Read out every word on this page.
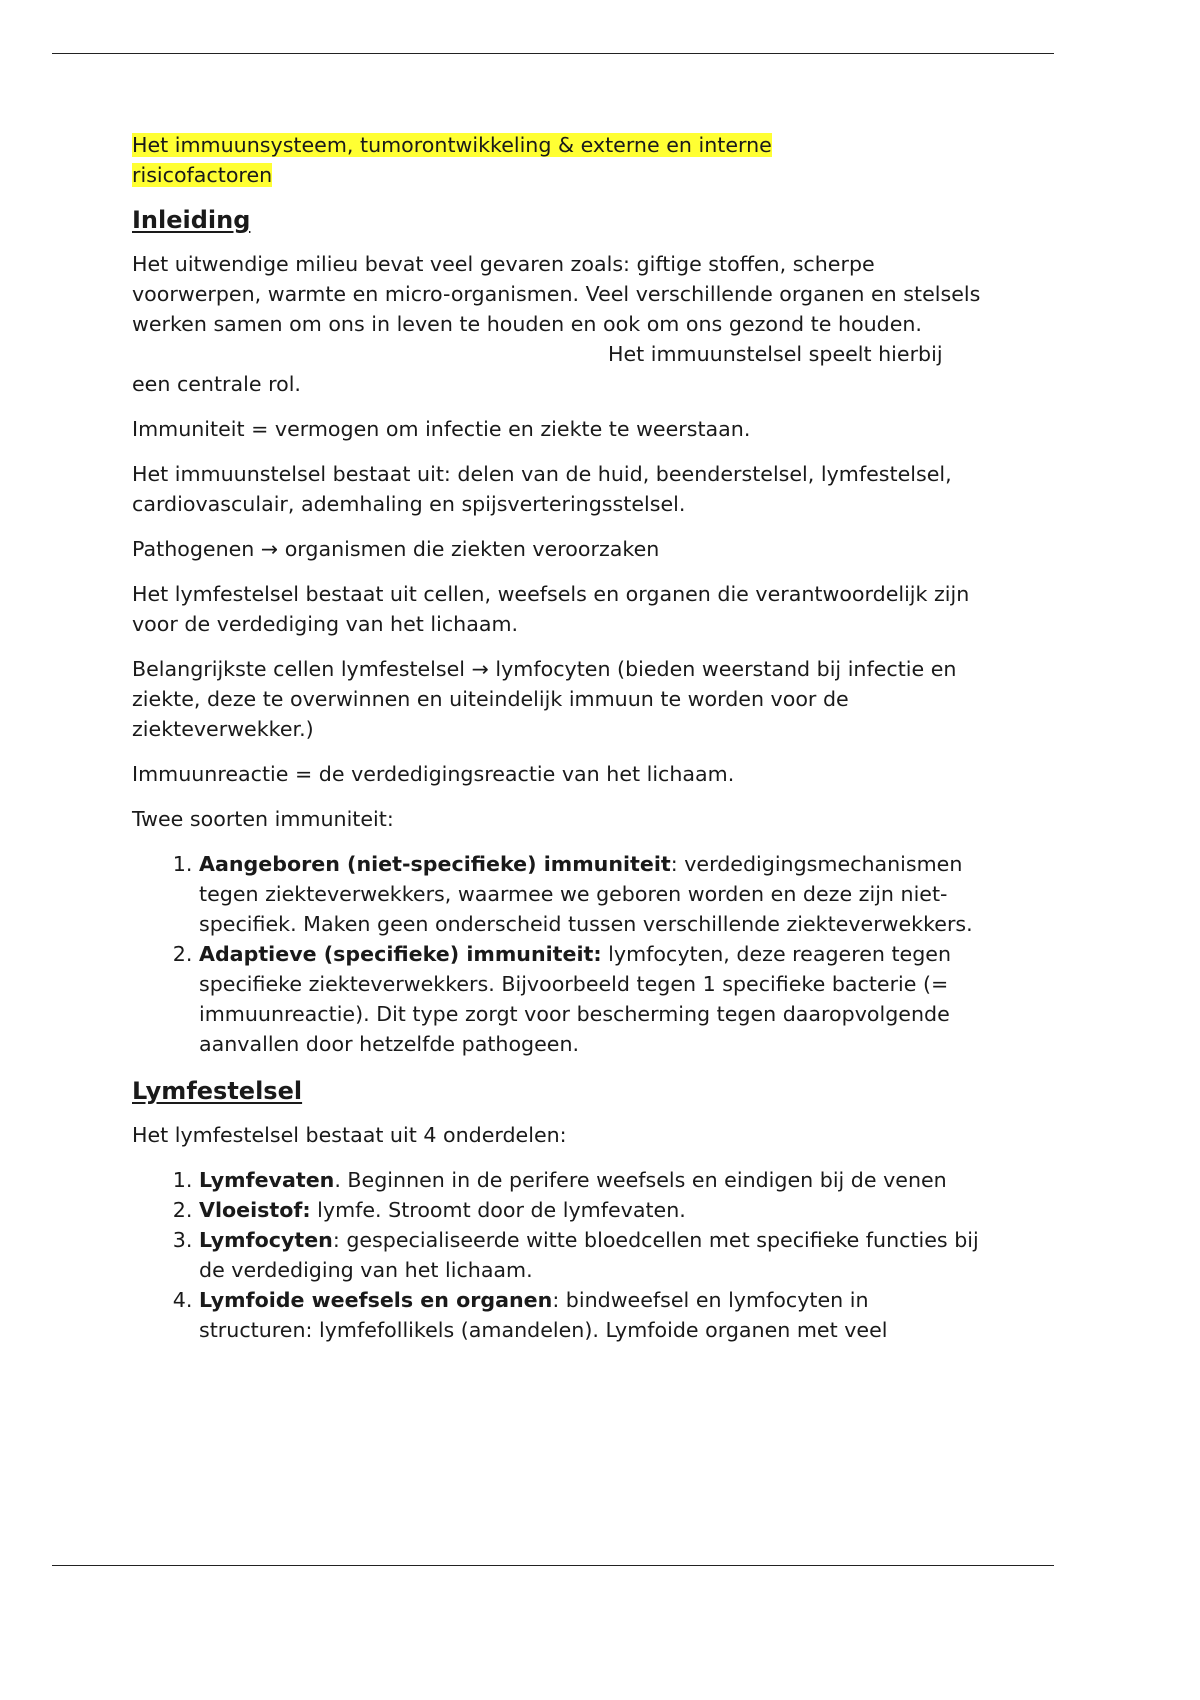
Het immuunsysteem, tumorontwikkeling & externe en interne risicofactoren

Inleiding

Het uitwendige milieu bevat veel gevaren zoals: giftige stoffen, scherpe voorwerpen, warmte en micro-organismen. Veel verschillende organen en stelsels werken samen om ons in leven te houden en ook om ons gezond te houden.Het immuunstelsel speelt hierbij een centrale rol.

Immuniteit = vermogen om infectie en ziekte te weerstaan.

Het immuunstelsel bestaat uit: delen van de huid, beenderstelsel, lymfestelsel, cardiovasculair, ademhaling en spijsverteringsstelsel.

Pathogenen → organismen die ziekten veroorzaken

Het lymfestelsel bestaat uit cellen, weefsels en organen die verantwoordelijk zijn voor de verdediging van het lichaam.

Belangrijkste cellen lymfestelsel → lymfocyten (bieden weerstand bij infectie en ziekte, deze te overwinnen en uiteindelijk immuun te worden voor de ziekteverwekker.)

Immuunreactie = de verdedigingsreactie van het lichaam.

Twee soorten immuniteit:

1. Aangeboren (niet-specifieke) immuniteit: verdedigingsmechanismen tegen ziekteverwekkers, waarmee we geboren worden en deze zijn niet-specifiek. Maken geen onderscheid tussen verschillende ziekteverwekkers.
2. Adaptieve (specifieke) immuniteit: lymfocyten, deze reageren tegen specifieke ziekteverwekkers. Bijvoorbeeld tegen 1 specifieke bacterie (= immuunreactie). Dit type zorgt voor bescherming tegen daaropvolgende aanvallen door hetzelfde pathogeen.
Lymfestelsel

Het lymfestelsel bestaat uit 4 onderdelen:

1. Lymfevaten. Beginnen in de perifere weefsels en eindigen bij de venen
2. Vloeistof: lymfe. Stroomt door de lymfevaten.
3. Lymfocyten: gespecialiseerde witte bloedcellen met specifieke functies bij de verdediging van het lichaam.
4. Lymfoide weefsels en organen: bindweefsel en lymfocyten in structuren: lymfefollikels (amandelen). Lymfoide organen met veel
